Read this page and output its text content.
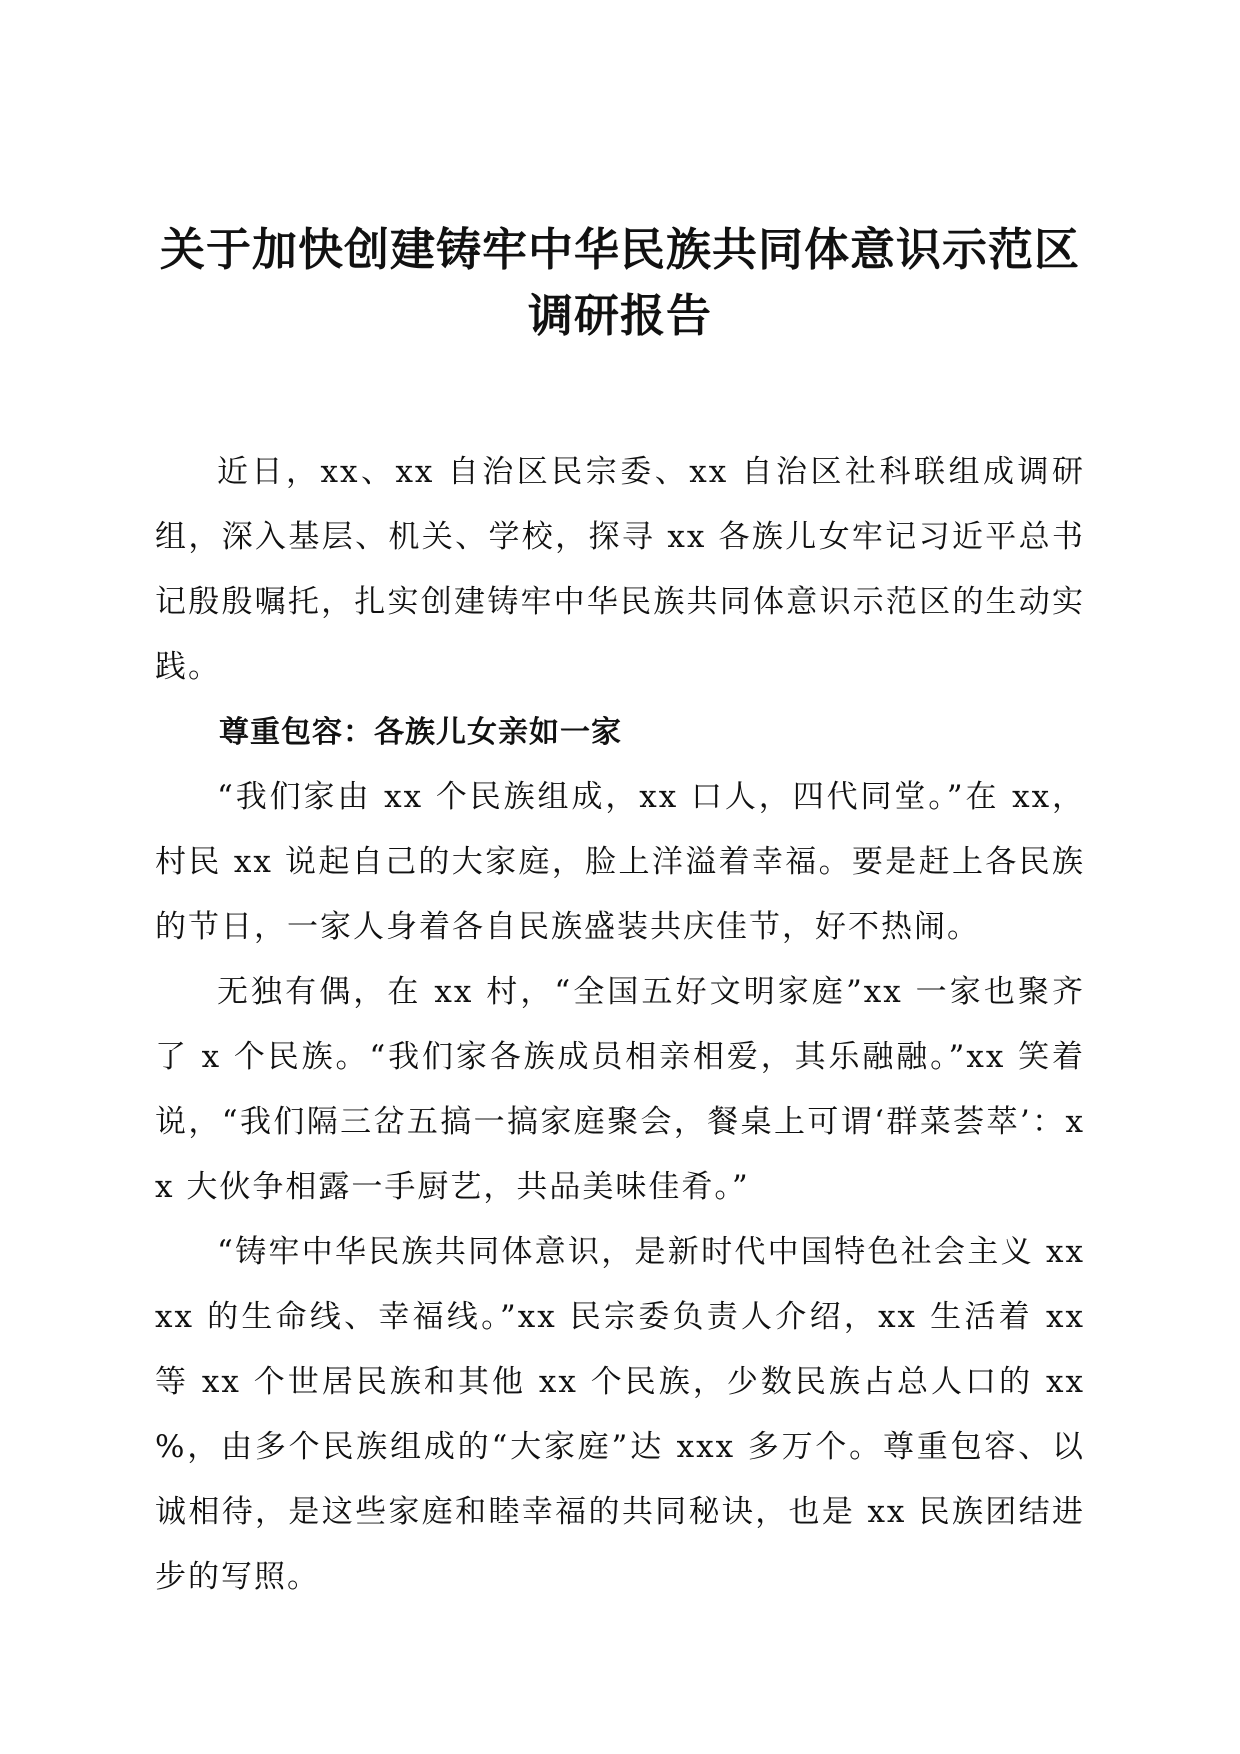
关于加快创建铸牢中华民族共同体意识示范区
调研报告

近日，xx、xx 自治区民宗委、xx 自治区社科联组成调研组，深入基层、机关、学校，探寻 xx 各族儿女牢记习近平总书记殷殷嘱托，扎实创建铸牢中华民族共同体意识示范区的生动实践。

尊重包容：各族儿女亲如一家

“我们家由 xx 个民族组成，xx 口人，四代同堂。”在 xx，村民 xx 说起自己的大家庭，脸上洋溢着幸福。要是赶上各民族的节日，一家人身着各自民族盛装共庆佳节，好不热闹。

无独有偶，在 xx 村，“全国五好文明家庭”xx 一家也聚齐了 x 个民族。“我们家各族成员相亲相爱，其乐融融。”xx 笑着说，“我们隔三岔五搞一搞家庭聚会，餐桌上可谓‘群菜荟萃’：xx 大伙争相露一手厨艺，共品美味佳肴。”

“铸牢中华民族共同体意识，是新时代中国特色社会主义 xxxx 的生命线、幸福线。”xx 民宗委负责人介绍，xx 生活着 xx 等 xx 个世居民族和其他 xx 个民族，少数民族占总人口的 xx %，由多个民族组成的“大家庭”达 xxx 多万个。尊重包容、以诚相待，是这些家庭和睦幸福的共同秘诀，也是 xx 民族团结进步的写照。
